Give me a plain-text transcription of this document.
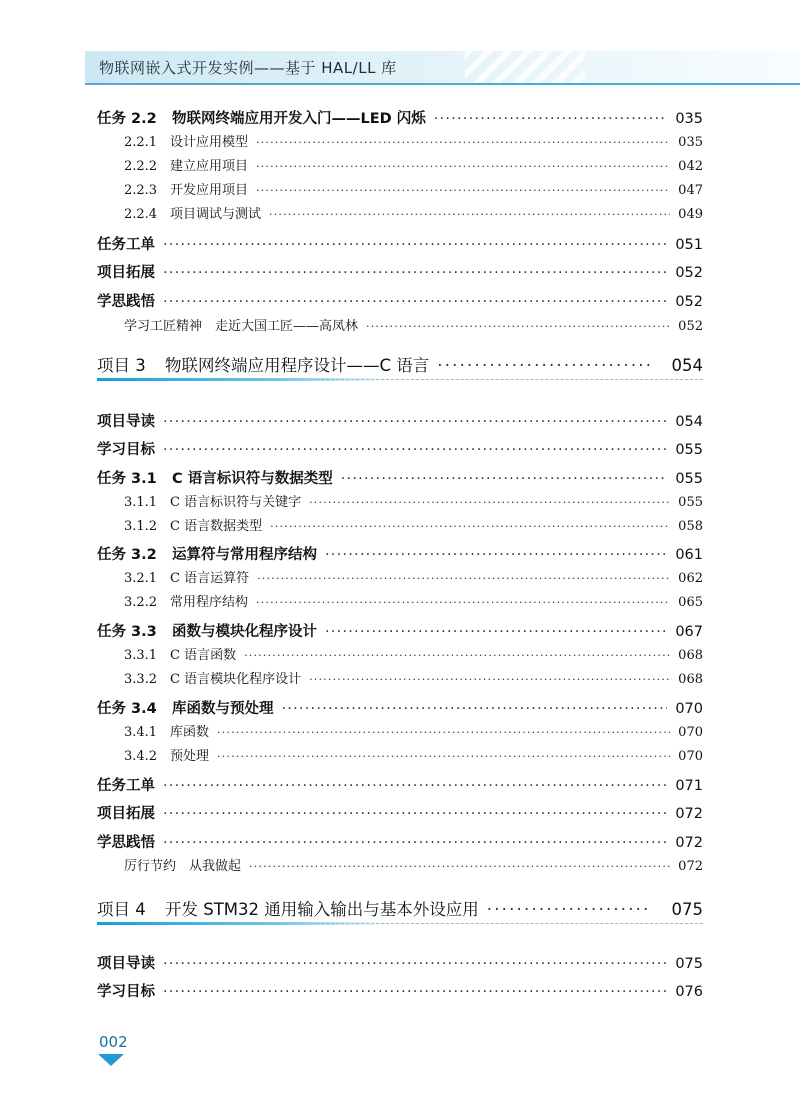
物联网嵌入式开发实例——基于 HAL/LL 库
任务 2.2 物联网终端应用开发入门——LED 闪烁 ·····	035
2.2.1 设计应用模型 ·····	035
2.2.2 建立应用项目 ·····	042
2.2.3 开发应用项目 ·····	047
2.2.4 项目调试与测试 ·····	049
任务工单 ·····	051
项目拓展 ·····	052
学思践悟 ·····	052
学习工匠精神　走近大国工匠——高凤林 ·····	052
项目 3 物联网终端应用程序设计——C 语言 ·····	054
项目导读 ·····	054
学习目标 ·····	055
任务 3.1 C 语言标识符与数据类型 ·····	055
3.1.1 C 语言标识符与关键字 ·····	055
3.1.2 C 语言数据类型 ·····	058
任务 3.2 运算符与常用程序结构 ·····	061
3.2.1 C 语言运算符 ·····	062
3.2.2 常用程序结构 ·····	065
任务 3.3 函数与模块化程序设计 ·····	067
3.3.1 C 语言函数 ·····	068
3.3.2 C 语言模块化程序设计 ·····	068
任务 3.4 库函数与预处理 ·····	070
3.4.1 库函数 ·····	070
3.4.2 预处理 ·····	070
任务工单 ·····	071
项目拓展 ·····	072
学思践悟 ·····	072
厉行节约　从我做起 ·····	072
项目 4 开发 STM32 通用输入输出与基本外设应用 ·····	075
项目导读 ·····	075
学习目标 ·····	076
002
